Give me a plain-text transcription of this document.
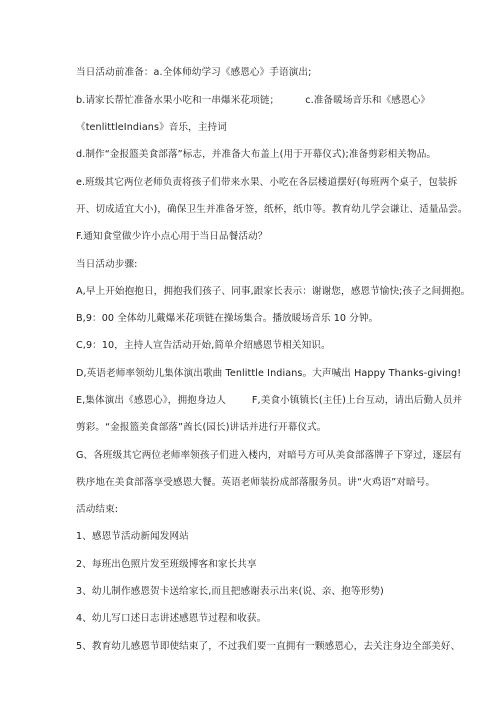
当日活动前准备：a.全体师幼学习《感恩心》手语演出;
b.请家长帮忙准备水果小吃和一串爆米花项链；	c.准备暖场音乐和《感恩心》
《tenlittleIndians》音乐，主持词
d.制作“金报篮美食部落”标志，并准备大布盖上(用于开幕仪式);准备剪彩相关物品。
e.班级其它两位老师负责将孩子们带来水果、小吃在各层楼道摆好(每班两个桌子，包装拆
开、切成适宜大小)，确保卫生并准备牙签，纸杯，纸巾等。教育幼儿学会谦让、适量品尝。
F.通知食堂做少许小点心用于当日品餐活动？
当日活动步骤:
A,早上开始抱抱日，拥抱我们孩子、同事,跟家长表示：谢谢您，感恩节愉快;孩子之间拥抱。
B,9：00 全体幼儿戴爆米花项链在操场集合。播放暖场音乐 10 分钟。
C,9：10，主持人宣告活动开始,简单介绍感恩节相关知识。
D,英语老师率领幼儿集体演出歌曲 Tenlittle Indians。大声喊出 Happy Thanks-giving!
E,集体演出《感恩心》，拥抱身边人	F,美食小镇镇长(主任)上台互动，请出后勤人员并
剪彩。“金报篮美食部落”酋长(园长)讲话并进行开幕仪式。
G、各班级其它两位老师率领孩子们进入楼内，对暗号方可从美食部落牌子下穿过，逐层有
秩序地在美食部落享受感恩大餐。英语老师装扮成部落服务员。讲“火鸡语”对暗号。
活动结束:
1、感恩节活动新闻发网站
2、每班出色照片发至班级博客和家长共享
3、幼儿制作感恩贺卡送给家长,而且把感谢表示出来(说、亲、抱等形势)
4、幼儿写口述日志讲述感恩节过程和收获。
5、教育幼儿感恩节即使结束了，不过我们要一直拥有一颗感恩心，去关注身边全部美好、
